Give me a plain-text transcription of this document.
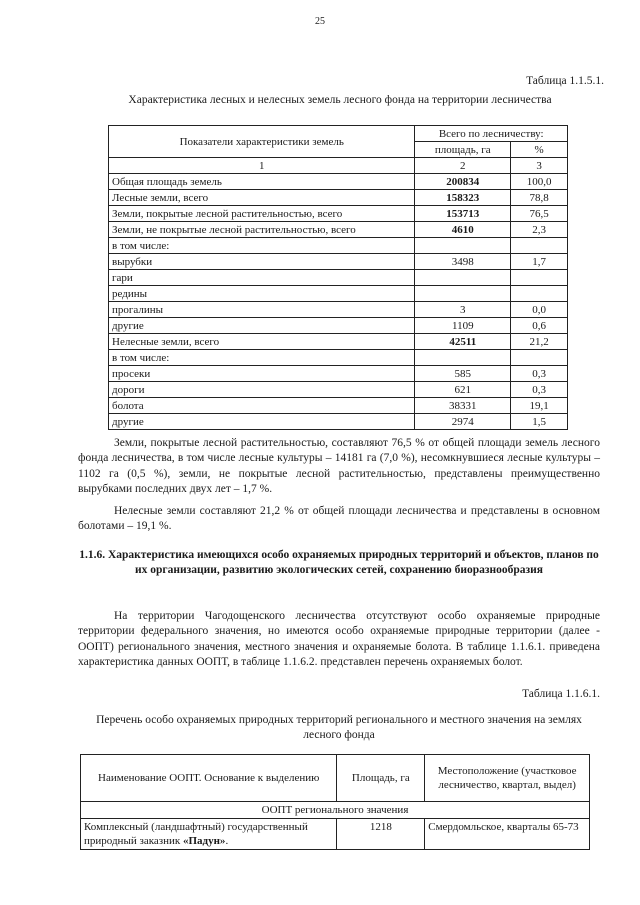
25
Таблица 1.1.5.1.
Характеристика лесных и нелесных земель лесного фонда на территории лесничества
Показатели характеристики земель	Всего по лесничеству:	
	площадь, га	%
1	2	3
Общая площадь земель	200834	100,0
Лесные земли, всего	158323	78,8
Земли, покрытые лесной растительностью, всего	153713	76,5
Земли, не покрытые лесной растительностью, всего	4610	2,3
в том числе:		
вырубки	3498	1,7
гари		
редины		
прогалины	3	0,0
другие	1109	0,6
Нелесные земли, всего	42511	21,2
в том числе:		
просеки	585	0,3
дороги	621	0,3
болота	38331	19,1
другие	2974	1,5
Земли, покрытые лесной растительностью, составляют 76,5 % от общей площади земель лесного фонда лесничества, в том числе лесные культуры – 14181 га (7,0 %), несомкнувшиеся лесные культуры –1102 га (0,5 %), земли, не покрытые лесной растительностью, представлены преимущественно вырубками последних двух лет – 1,7 %.
Нелесные земли составляют 21,2 % от общей площади лесничества и представлены в основном болотами – 19,1 %.
1.1.6. Характеристика имеющихся особо охраняемых природных территорий и объектов, планов по их организации, развитию экологических сетей, сохранению биоразнообразия
На территории Чагодощенского лесничества отсутствуют особо охраняемые природные территории федерального значения, но имеются особо охраняемые природные территории (далее - ООПТ) регионального значения, местного значения и охраняемые болота. В таблице 1.1.6.1. приведена характеристика данных ООПТ, в таблице 1.1.6.2. представлен перечень охраняемых болот.
Таблица 1.1.6.1.
Перечень особо охраняемых природных территорий регионального и местного значения на землях лесного фонда
Наименование ООПТ. Основание к выделению	Площадь, га	Местоположение (участковое лесничество, квартал, выдел)
ООПТ регионального значения		
Комплексный (ландшафтный) государственный природный заказник «Падун».	1218	Смердомльское, кварталы 65-73
